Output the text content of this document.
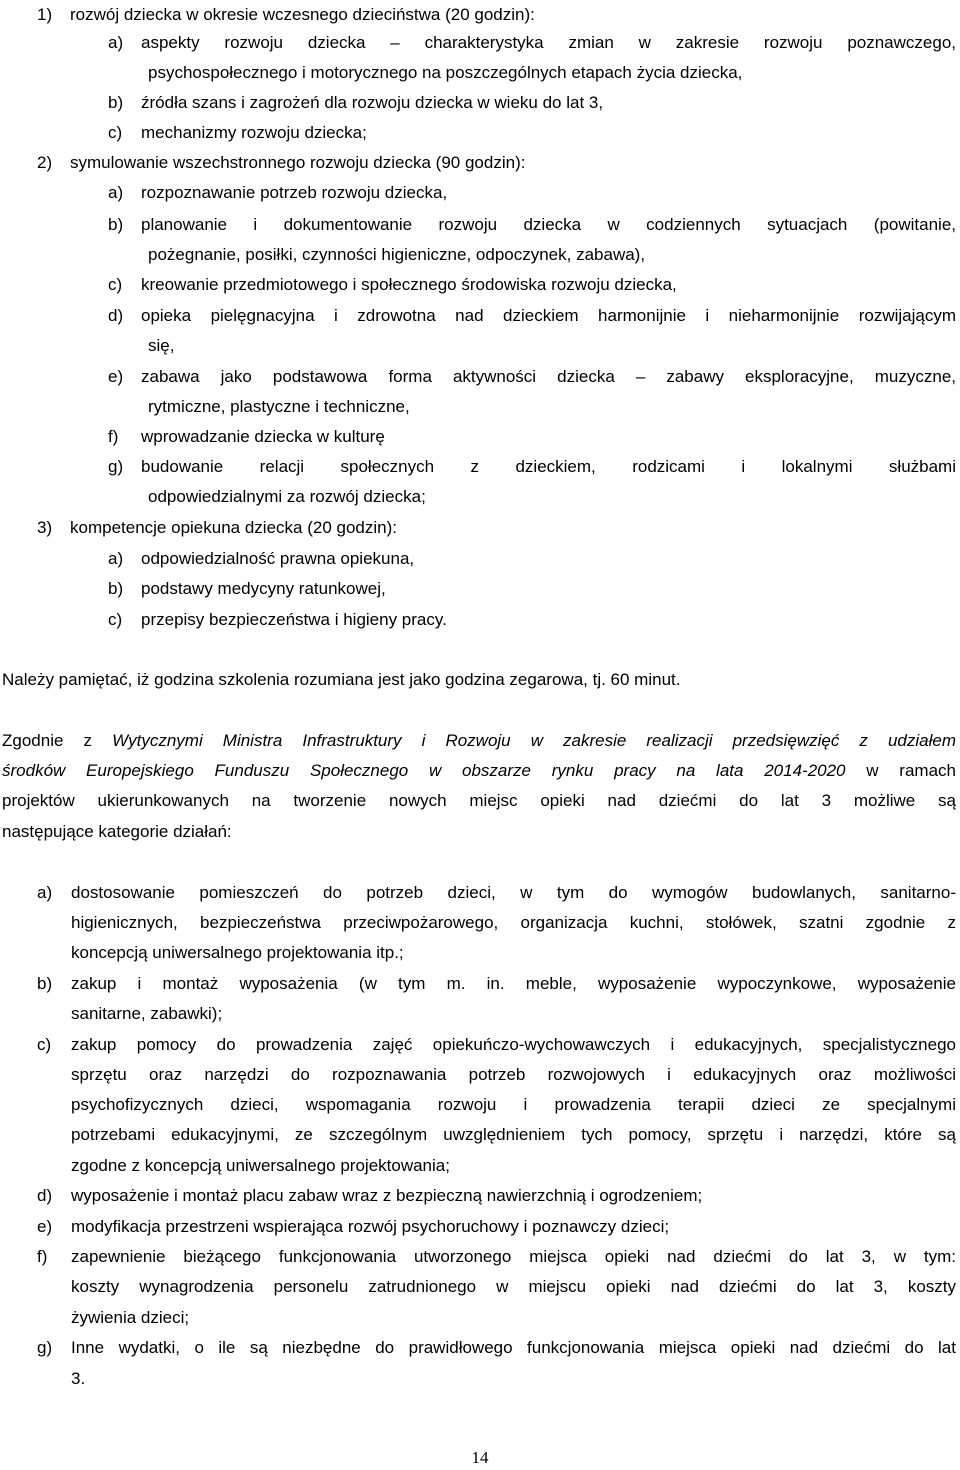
1) rozwój dziecka w okresie wczesnego dzieciństwa (20 godzin):
a) aspekty rozwoju dziecka – charakterystyka zmian w zakresie rozwoju poznawczego,
psychospołecznego i motorycznego na poszczególnych etapach życia dziecka,
b) źródła szans i zagrożeń dla rozwoju dziecka w wieku do lat 3,
c) mechanizmy rozwoju dziecka;
2) symulowanie wszechstronnego rozwoju dziecka (90 godzin):
a) rozpoznawanie potrzeb rozwoju dziecka,
b) planowanie i dokumentowanie rozwoju dziecka w codziennych sytuacjach (powitanie,
pożegnanie, posiłki, czynności higieniczne, odpoczynek, zabawa),
c) kreowanie przedmiotowego i społecznego środowiska rozwoju dziecka,
d) opieka pielęgnacyjna i zdrowotna nad dzieckiem harmonijnie i nieharmonijnie rozwijającym
się,
e) zabawa jako podstawowa forma aktywności dziecka – zabawy eksploracyjne, muzyczne,
rytmiczne, plastyczne i techniczne,
f) wprowadzanie dziecka w kulturę
g) budowanie relacji społecznych z dzieckiem, rodzicami i lokalnymi służbami
odpowiedzialnymi za rozwój dziecka;
3) kompetencje opiekuna dziecka (20 godzin):
a) odpowiedzialność prawna opiekuna,
b) podstawy medycyny ratunkowej,
c) przepisy bezpieczeństwa i higieny pracy.
Należy pamiętać, iż godzina szkolenia rozumiana jest jako godzina zegarowa, tj. 60 minut.
Zgodnie z Wytycznymi Ministra Infrastruktury i Rozwoju w zakresie realizacji przedsięwzięć z udziałem
środków Europejskiego Funduszu Społecznego w obszarze rynku pracy na lata 2014-2020 w ramach
projektów ukierunkowanych na tworzenie nowych miejsc opieki nad dziećmi do lat 3 możliwe są
następujące kategorie działań:
a) dostosowanie pomieszczeń do potrzeb dzieci, w tym do wymogów budowlanych, sanitarno-
higienicznych, bezpieczeństwa przeciwpożarowego, organizacja kuchni, stołówek, szatni zgodnie z
koncepcją uniwersalnego projektowania itp.;
b) zakup i montaż wyposażenia (w tym m. in. meble, wyposażenie wypoczynkowe, wyposażenie
sanitarne, zabawki);
c) zakup pomocy do prowadzenia zajęć opiekuńczo-wychowawczych i edukacyjnych, specjalistycznego
sprzętu oraz narzędzi do rozpoznawania potrzeb rozwojowych i edukacyjnych oraz możliwości
psychofizycznych dzieci, wspomagania rozwoju i prowadzenia terapii dzieci ze specjalnymi
potrzebami edukacyjnymi, ze szczególnym uwzględnieniem tych pomocy, sprzętu i narzędzi, które są
zgodne z koncepcją uniwersalnego projektowania;
d) wyposażenie i montaż placu zabaw wraz z bezpieczną nawierzchnią i ogrodzeniem;
e) modyfikacja przestrzeni wspierająca rozwój psychoruchowy i poznawczy dzieci;
f) zapewnienie bieżącego funkcjonowania utworzonego miejsca opieki nad dziećmi do lat 3, w tym:
koszty wynagrodzenia personelu zatrudnionego w miejscu opieki nad dziećmi do lat 3, koszty
żywienia dzieci;
g) Inne wydatki, o ile są niezbędne do prawidłowego funkcjonowania miejsca opieki nad dziećmi do lat
3.
14
